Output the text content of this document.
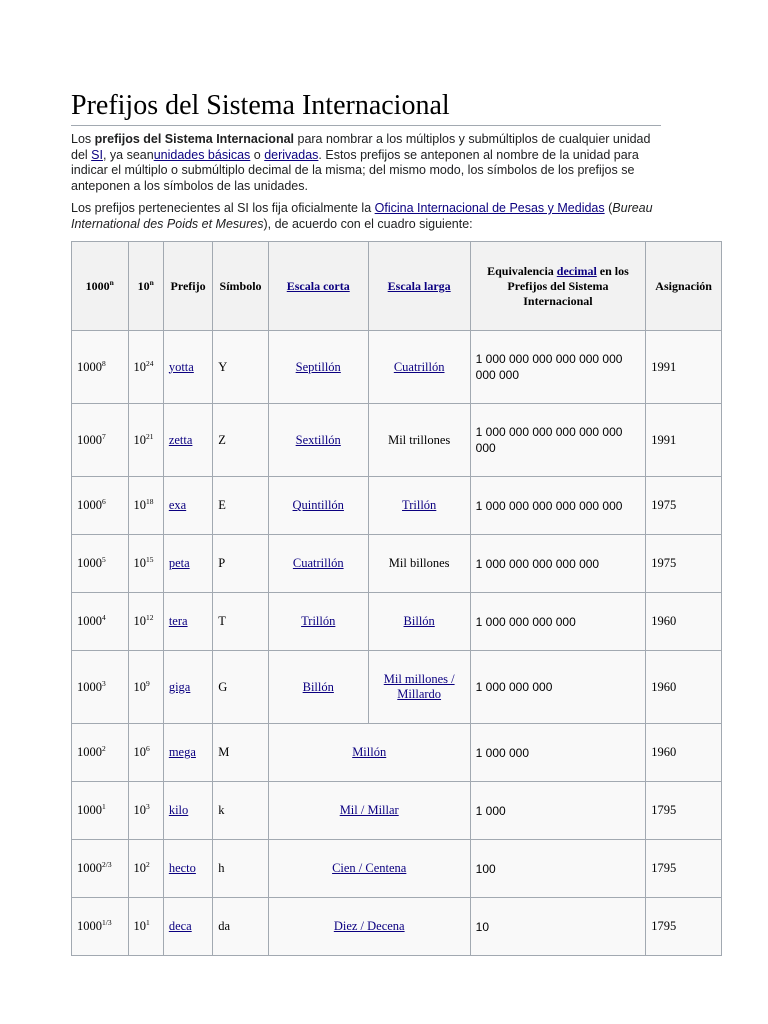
Prefijos del Sistema Internacional

Los prefijos del Sistema Internacional para nombrar a los múltiplos y submúltiplos de cualquier unidad del SI, ya seanunidades básicas o derivadas. Estos prefijos se anteponen al nombre de la unidad para indicar el múltiplo o submúltiplo decimal de la misma; del mismo modo, los símbolos de los prefijos se anteponen a los símbolos de las unidades.

Los prefijos pertenecientes al SI los fija oficialmente la Oficina Internacional de Pesas y Medidas (Bureau International des Poids et Mesures), de acuerdo con el cuadro siguiente:

1000$^n$	10$^n$	Prefijo	Símbolo	Escala corta	Escala larga	Equivalencia decimal en los Prefijos del Sistema Internacional	Asignación
1000$^8$	$10^{24}$	yotta	Y	Septillón	Cuatrillón	1 000 000 000 000 000 000 000 000	1991
1000$^7$	$10^{21}$	zetta	Z	Sextillón	Mil trillones	1 000 000 000 000 000 000 000	1991
1000$^6$	$10^{18}$	exa	E	Quintillón	Trillón	1 000 000 000 000 000 000	1975
1000$^5$	$10^{15}$	peta	P	Cuatrillón	Mil billones	1 000 000 000 000 000	1975
1000$^4$	$10^{12}$	tera	T	Trillón	Billón	1 000 000 000 000	1960
1000$^3$	$10^9$	giga	G	Billón	Mil millones / Millardo	1 000 000 000	1960
1000$^2$	$10^6$	mega	M	Millón		1 000 000	1960
1000$^1$	$10^3$	kilo	k	Mil / Millar		1 000	1795
$1000^{2/3}$	$10^2$	hecto	h	Cien / Centena		100	1795
$1000^{1/3}$	$10^1$	deca	da	Diez / Decena		10	1795
